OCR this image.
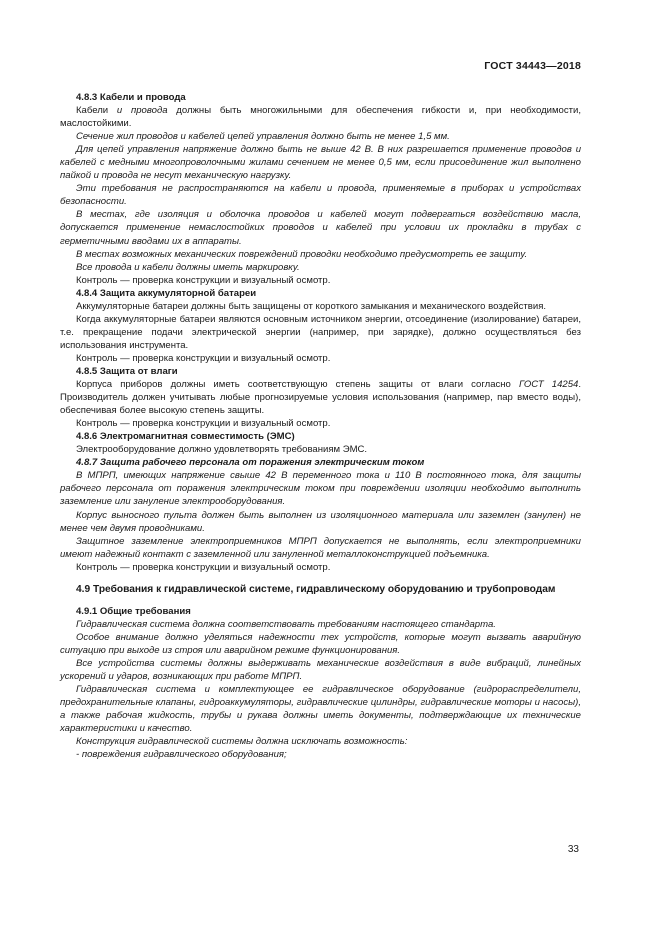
ГОСТ 34443—2018

4.8.3 Кабели и провода

Кабели и провода должны быть многожильными для обеспечения гибкости и, при необходимости, маслостойкими.

Сечение жил проводов и кабелей цепей управления должно быть не менее 1,5 мм.

Для цепей управления напряжение должно быть не выше 42 В. В них разрешается применение проводов и кабелей с медными многопроволочными жилами сечением не менее 0,5 мм, если присоединение жил выполнено пайкой и провода не несут механическую нагрузку.

Эти требования не распространяются на кабели и провода, применяемые в приборах и устройствах безопасности.

В местах, где изоляция и оболочка проводов и кабелей могут подвергаться воздействию масла, допускается применение немаслостойких проводов и кабелей при условии их прокладки в трубах с герметичными вводами их в аппараты.

В местах возможных механических повреждений проводки необходимо предусмотреть ее защиту.

Все провода и кабели должны иметь маркировку.

Контроль — проверка конструкции и визуальный осмотр.

4.8.4 Защита аккумуляторной батареи

Аккумуляторные батареи должны быть защищены от короткого замыкания и механического воздействия.

Когда аккумуляторные батареи являются основным источником энергии, отсоединение (изолирование) батареи, т.е. прекращение подачи электрической энергии (например, при зарядке), должно осуществляться без использования инструмента.

Контроль — проверка конструкции и визуальный осмотр.

4.8.5 Защита от влаги

Корпуса приборов должны иметь соответствующую степень защиты от влаги согласно ГОСТ 14254. Производитель должен учитывать любые прогнозируемые условия использования (например, пар вместо воды), обеспечивая более высокую степень защиты.

Контроль — проверка конструкции и визуальный осмотр.

4.8.6 Электромагнитная совместимость (ЭМС)

Электрооборудование должно удовлетворять требованиям ЭМС.

4.8.7 Защита рабочего персонала от поражения электрическим током

В МПРП, имеющих напряжение свыше 42 В переменного тока и 110 В постоянного тока, для защиты рабочего персонала от поражения электрическим током при повреждении изоляции необходимо выполнить заземление или зануление электрооборудования.

Корпус выносного пульта должен быть выполнен из изоляционного материала или заземлен (занулен) не менее чем двумя проводниками.

Защитное заземление электроприемников МПРП допускается не выполнять, если электроприемники имеют надежный контакт с заземленной или зануленной металлоконструкцией подъемника.

Контроль — проверка конструкции и визуальный осмотр.

4.9 Требования к гидравлической системе, гидравлическому оборудованию и трубопроводам

4.9.1 Общие требования

Гидравлическая система должна соответствовать требованиям настоящего стандарта.

Особое внимание должно уделяться надежности тех устройств, которые могут вызвать аварийную ситуацию при выходе из строя или аварийном режиме функционирования.

Все устройства системы должны выдерживать механические воздействия в виде вибраций, линейных ускорений и ударов, возникающих при работе МПРП.

Гидравлическая система и комплектующее ее гидравлическое оборудование (гидрораспределители, предохранительные клапаны, гидроаккумуляторы, гидравлические цилиндры, гидравлические моторы и насосы), а также рабочая жидкость, трубы и рукава должны иметь документы, подтверждающие их технические характеристики и качество.

Конструкция гидравлической системы должна исключать возможность:

- повреждения гидравлического оборудования;

33
